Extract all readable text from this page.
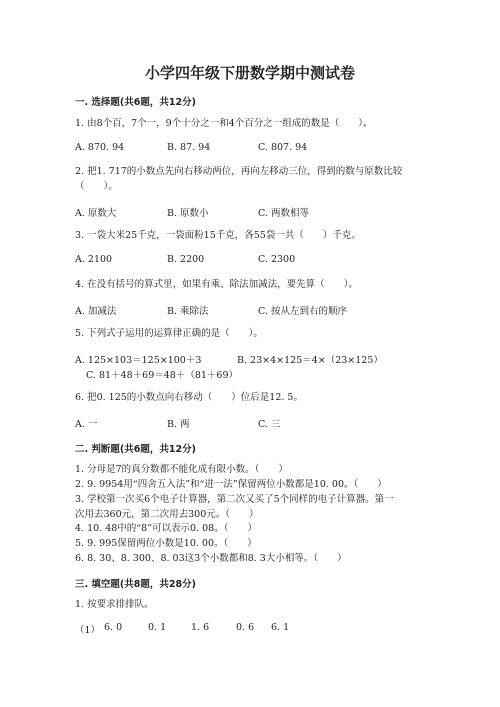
小学四年级下册数学期中测试卷
一. 选择题(共6题，共12分)
1. 由8个百，7个一，9个十分之一和4个百分之一组成的数是（　　）。
A. 870. 94	B. 87. 94	C. 807. 94
2. 把1. 717的小数点先向右移动两位，再向左移动三位，得到的数与原数比较
（　　）。
A. 原数大	B. 原数小	C. 两数相等
3. 一袋大米25千克，一袋面粉15千克，各55袋一共（　　）千克。
A. 2100	B. 2200	C. 2300
4. 在没有括号的算式里，如果有乘、除法加减法，要先算（　　）。
A. 加减法	B. 乘除法	C. 按从左到右的顺序
5. 下列式子运用的运算律正确的是（　　）。
A. 125×103＝125×100＋3	B. 23×4×125＝4×（23×125）
C. 81＋48＋69＝48＋（81＋69）
6. 把0. 125的小数点向右移动（　　）位后是12. 5。
A. 一	B. 两	C. 三
二. 判断题(共6题，共12分)
1. 分母是7的真分数都不能化成有限小数。（　　）
2. 9. 9954用“四舍五入法”和“进一法”保留两位小数都是10. 00。（　　）
3. 学校第一次买6个电子计算器，第二次又买了5个同样的电子计算器。第一
次用去360元，第二次用去300元。（　　）
4. 10. 48中的“8”可以表示0. 08。（　　）
5. 9. 995保留两位小数是10. 00。（　　）
6. 8. 30、8. 300、8. 03这3个小数都和8. 3大小相等。（　　）
三. 填空题(共8题，共28分)
1. 按要求排排队。
（1） 6. 0	0. 1	1. 6	0. 6 6. 1
